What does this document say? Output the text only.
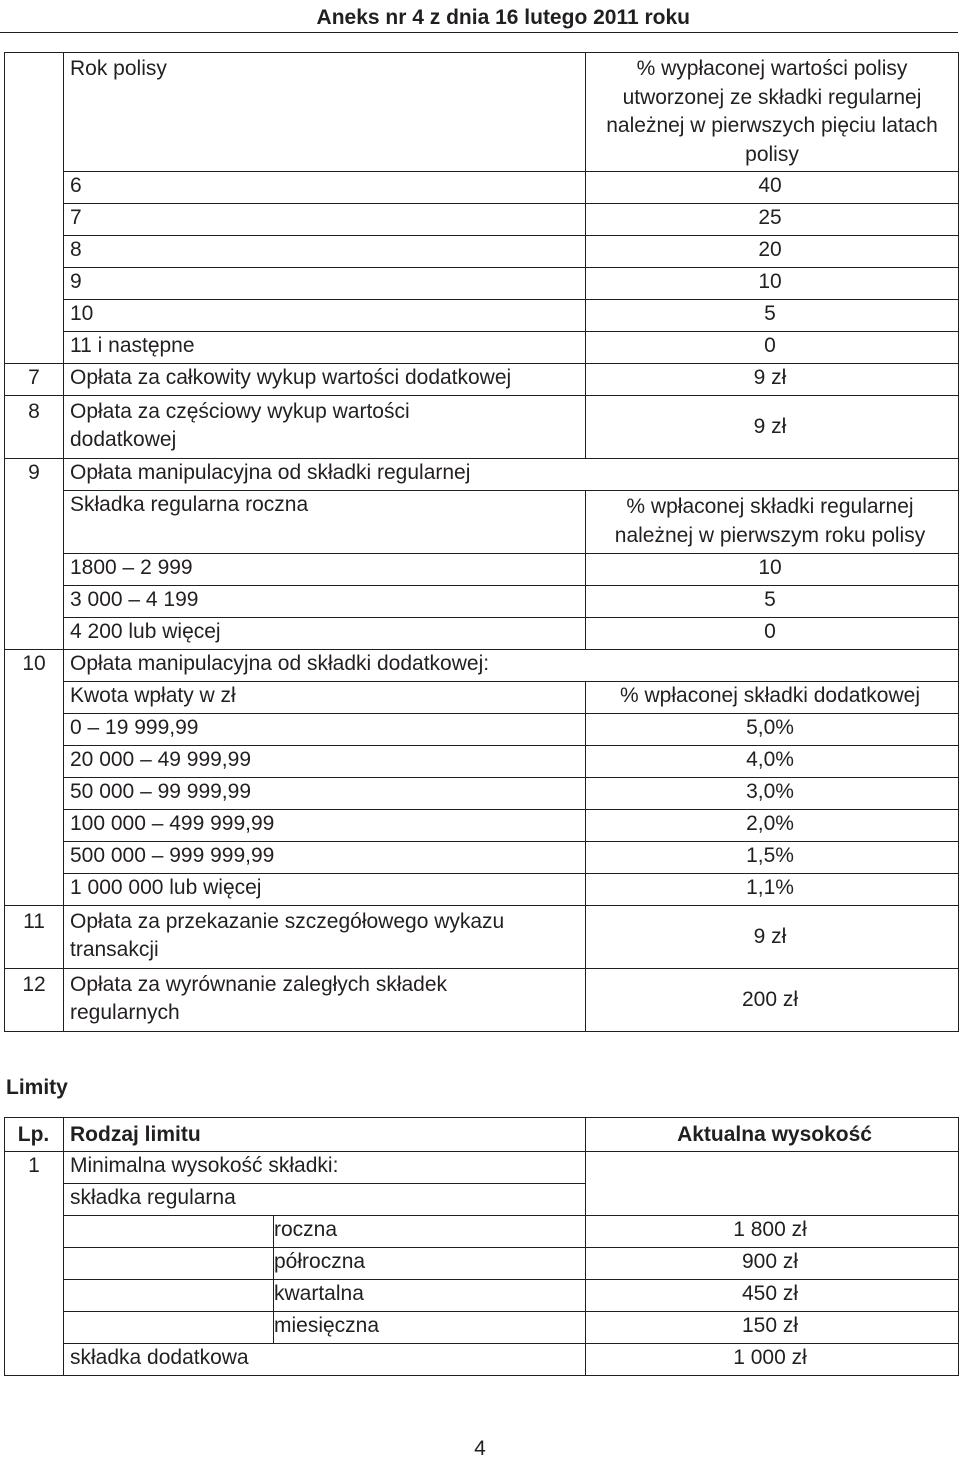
Aneks nr 4 z dnia 16 lutego 2011 roku
	Rok polisy	% wypłaconej wartości polisy utworzonej ze składki regularnej należnej w pierwszych pięciu latach polisy
	6	40
	7	25
	8	20
	9	10
	10	5
	11 i następne	0
7	Opłata za całkowity wykup wartości dodatkowej	9 zł
8	Opłata za częściowy wykup wartości dodatkowej	9 zł
9	Opłata manipulacyjna od składki regularnej	
	Składka regularna roczna	% wpłaconej składki regularnej należnej w pierwszym roku polisy
	1800 – 2 999	10
	3 000 – 4 199	5
	4 200 lub więcej	0
10	Opłata manipulacyjna od składki dodatkowej:	
	Kwota wpłaty w zł	% wpłaconej składki dodatkowej
	0 – 19 999,99	5,0%
	20 000 – 49 999,99	4,0%
	50 000 – 99 999,99	3,0%
	100 000 – 499 999,99	2,0%
	500 000 – 999 999,99	1,5%
	1 000 000 lub więcej	1,1%
11	Opłata za przekazanie szczegółowego wykazu transakcji	9 zł
12	Opłata za wyrównanie zaległych składek regularnych	200 zł
Limity
Lp.	Rodzaj limitu		Aktualna wysokość
1	Minimalna wysokość składki:		
	składka regularna		
		roczna	1 800 zł
		półroczna	900 zł
		kwartalna	450 zł
		miesięczna	150 zł
	składka dodatkowa		1 000 zł
4
